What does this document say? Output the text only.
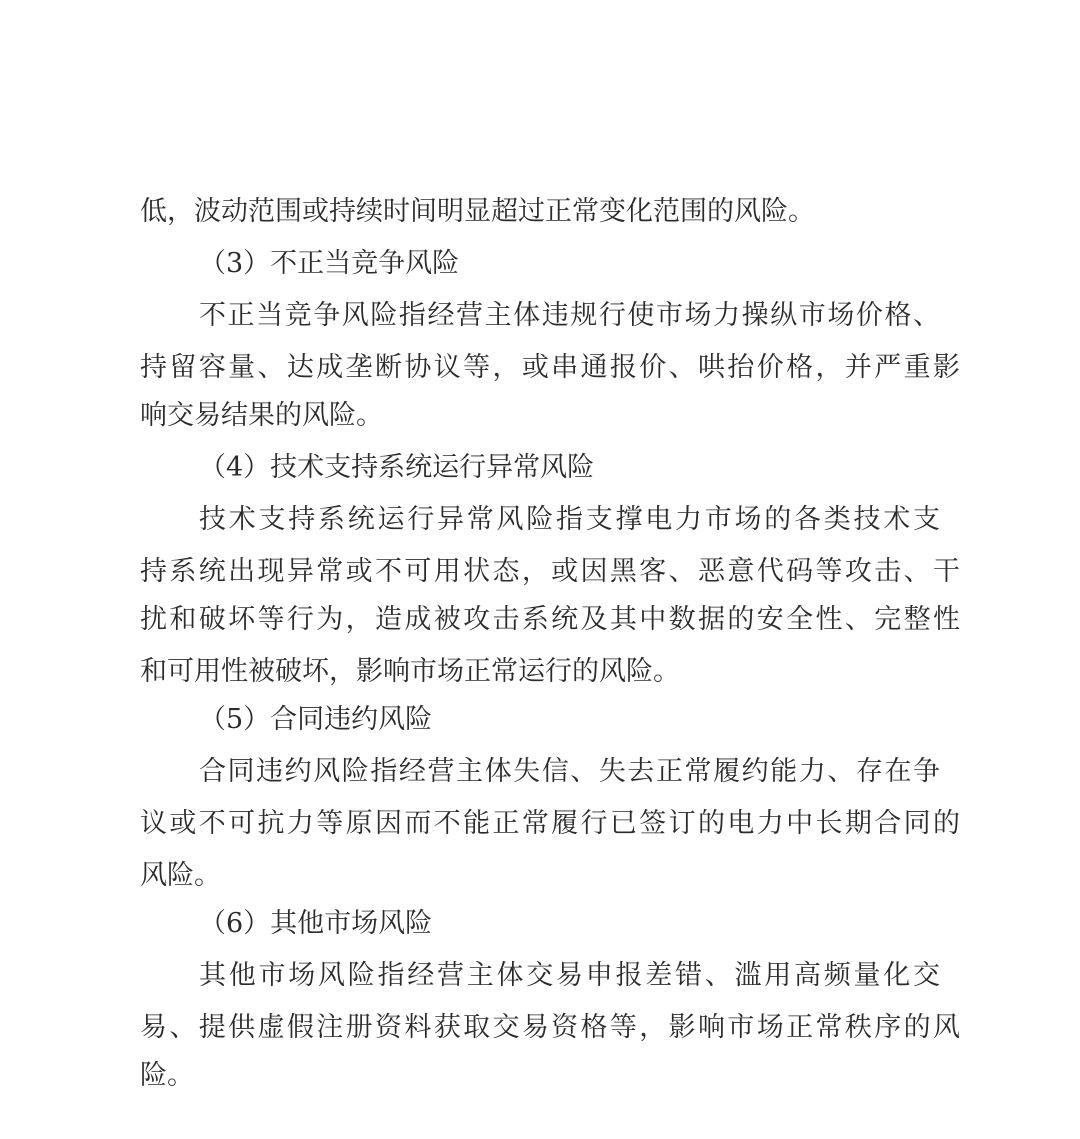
低，波动范围或持续时间明显超过正常变化范围的风险。
（3）不正当竞争风险
不正当竞争风险指经营主体违规行使市场力操纵市场价格、
持留容量、达成垄断协议等，或串通报价、哄抬价格，并严重影
响交易结果的风险。
（4）技术支持系统运行异常风险
技术支持系统运行异常风险指支撑电力市场的各类技术支
持系统出现异常或不可用状态，或因黑客、恶意代码等攻击、干
扰和破坏等行为，造成被攻击系统及其中数据的安全性、完整性
和可用性被破坏，影响市场正常运行的风险。
（5）合同违约风险
合同违约风险指经营主体失信、失去正常履约能力、存在争
议或不可抗力等原因而不能正常履行已签订的电力中长期合同的
风险。
（6）其他市场风险
其他市场风险指经营主体交易申报差错、滥用高频量化交
易、提供虚假注册资料获取交易资格等，影响市场正常秩序的风
险。
